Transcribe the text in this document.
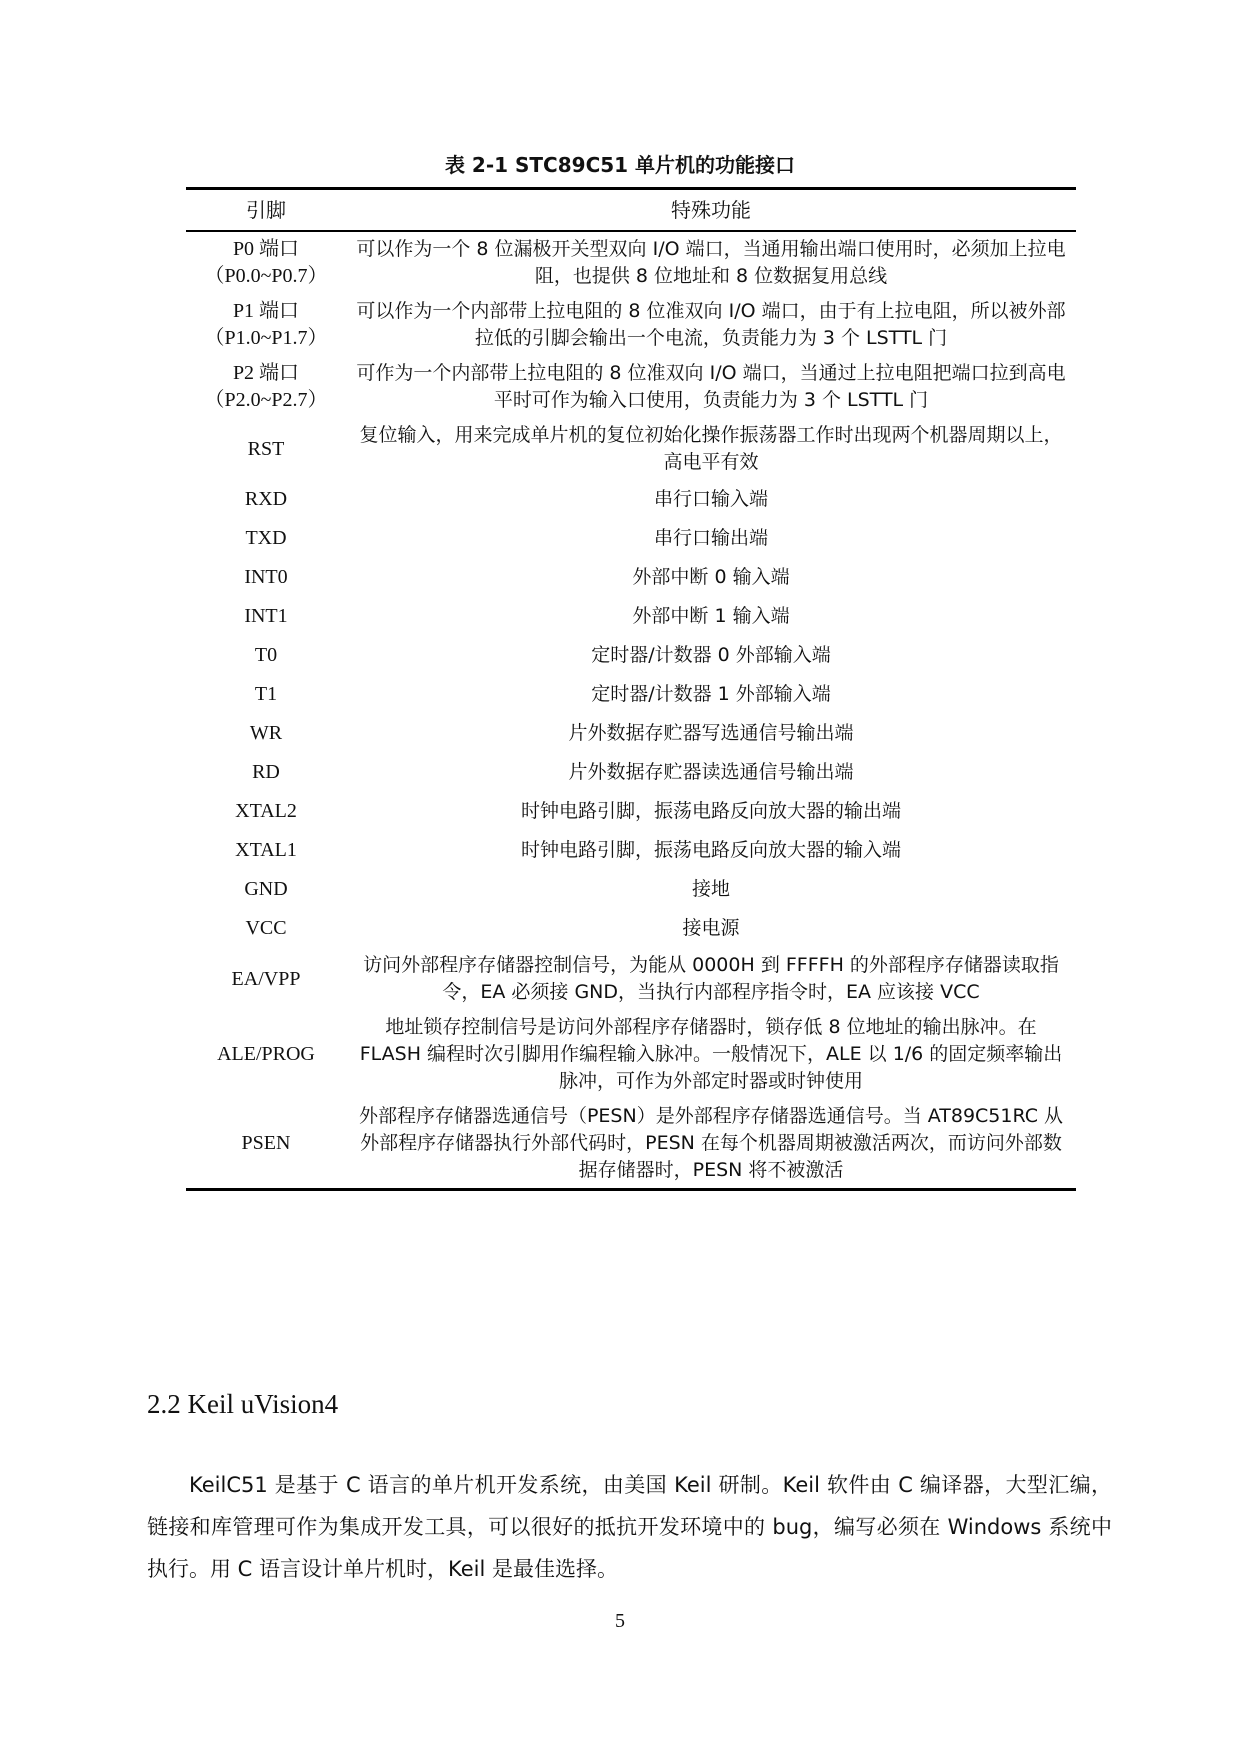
表 2-1 STC89C51 单片机的功能接口
引脚	特殊功能
P0 端口（P0.0~P0.7）	可以作为一个 8 位漏极开关型双向 I/O 端口，当通用输出端口使用时，必须加上拉电阻，也提供 8 位地址和 8 位数据复用总线
P1 端口（P1.0~P1.7）	可以作为一个内部带上拉电阻的 8 位准双向 I/O 端口，由于有上拉电阻，所以被外部拉低的引脚会输出一个电流，负责能力为 3 个 LSTTL 门
P2 端口（P2.0~P2.7）	可作为一个内部带上拉电阻的 8 位准双向 I/O 端口，当通过上拉电阻把端口拉到高电平时可作为输入口使用，负责能力为 3 个 LSTTL 门
RST	复位输入，用来完成单片机的复位初始化操作振荡器工作时出现两个机器周期以上，高电平有效
RXD	串行口输入端
TXD	串行口输出端
INT0	外部中断 0 输入端
INT1	外部中断 1 输入端
T0	定时器/计数器 0 外部输入端
T1	定时器/计数器 1 外部输入端
WR	片外数据存贮器写选通信号输出端
RD	片外数据存贮器读选通信号输出端
XTAL2	时钟电路引脚，振荡电路反向放大器的输出端
XTAL1	时钟电路引脚，振荡电路反向放大器的输入端
GND	接地
VCC	接电源
EA/VPP	访问外部程序存储器控制信号，为能从 0000H 到 FFFFH 的外部程序存储器读取指令，EA 必须接 GND，当执行内部程序指令时，EA 应该接 VCC
ALE/PROG	地址锁存控制信号是访问外部程序存储器时，锁存低 8 位地址的输出脉冲。在 FLASH 编程时次引脚用作编程输入脉冲。一般情况下，ALE 以 1/6 的固定频率输出脉冲，可作为外部定时器或时钟使用
PSEN	外部程序存储器选通信号（PESN）是外部程序存储器选通信号。当 AT89C51RC 从外部程序存储器执行外部代码时，PESN 在每个机器周期被激活两次，而访问外部数据存储器时，PESN 将不被激活
2.2 Keil uVision4

KeilC51 是基于 C 语言的单片机开发系统，由美国 Keil 研制。Keil 软件由 C 编译器，大型汇编，链接和库管理可作为集成开发工具，可以很好的抵抗开发环境中的 bug，编写必须在 Windows 系统中执行。用 C 语言设计单片机时，Keil 是最佳选择。

5
